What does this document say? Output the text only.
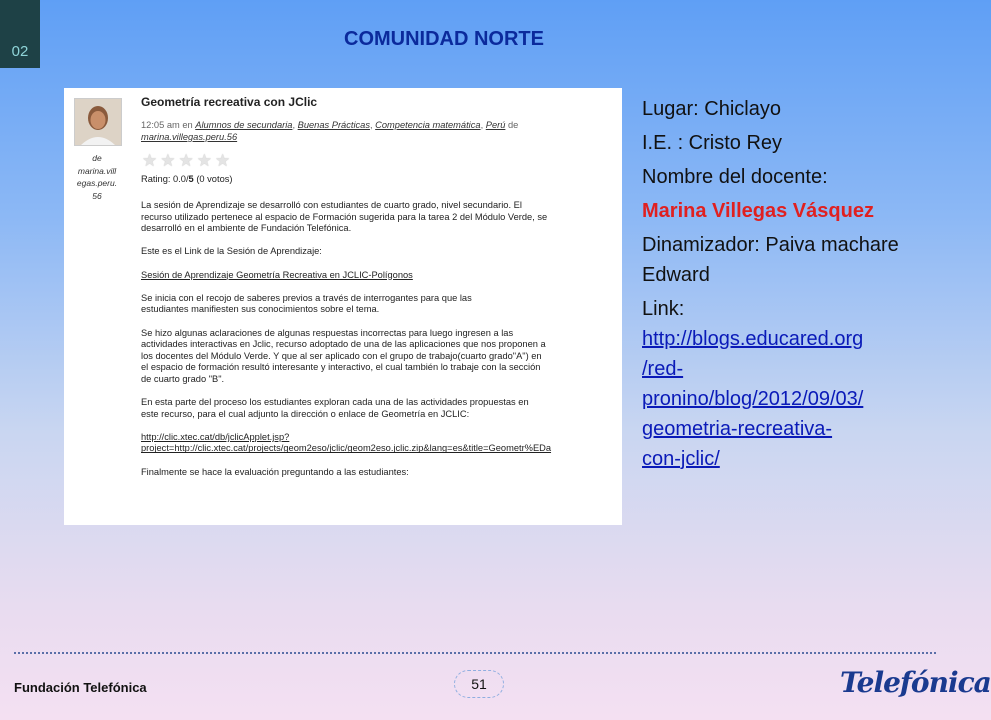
02
COMUNIDAD NORTE
de
marina.vill
egas.peru.
56
Geometría recreativa con JClic
12:05 am en Alumnos de secundaria, Buenas Prácticas, Competencia matemática, Perú de
marina.villegas.peru.56
★ ★ ★ ★ ★
Rating: 0.0/5 (0 votos)

La sesión de Aprendizaje se desarrolló con estudiantes de cuarto grado, nivel secundario. El
recurso utilizado pertenece al espacio de Formación sugerida para la tarea 2 del Módulo Verde, se
desarrolló en el ambiente de Fundación Telefónica.

Este es el Link de la Sesión de Aprendizaje:

Sesión de Aprendizaje Geometría Recreativa en JCLIC-Polígonos

Se inicia con el recojo de saberes previos a través de interrogantes para que las
estudiantes manifiesten sus conocimientos sobre el tema.

Se hizo algunas aclaraciones de algunas respuestas incorrectas para luego ingresen a las
actividades interactivas en Jclic, recurso adoptado de una de las aplicaciones que nos proponen a
los docentes del Módulo Verde. Y que al ser aplicado con el grupo de trabajo(cuarto grado"A") en
el espacio de formación resultó interesante y interactivo, el cual también lo trabaje con la sección
de cuarto grado "B".

En esta parte del proceso los estudiantes exploran cada una de las actividades propuestas en
este recurso, para el cual adjunto la dirección o enlace de Geometría en JCLIC:

http://clic.xtec.cat/db/jclicApplet.jsp?
project=http://clic.xtec.cat/projects/geom2eso/jclic/geom2eso.jclic.zip&lang=es&title=Geometr%EDa

Finalmente se hace la evaluación preguntando a las estudiantes:

Lugar: Chiclayo
I.E. : Cristo Rey
Nombre del docente:
Marina Villegas Vásquez
Dinamizador: Paiva machare Edward
Link:
http://blogs.educared.org
/red-
pronino/blog/2012/09/03/
geometria-recreativa-
con-jclic/
Fundación Telefónica	51	Telefónica
